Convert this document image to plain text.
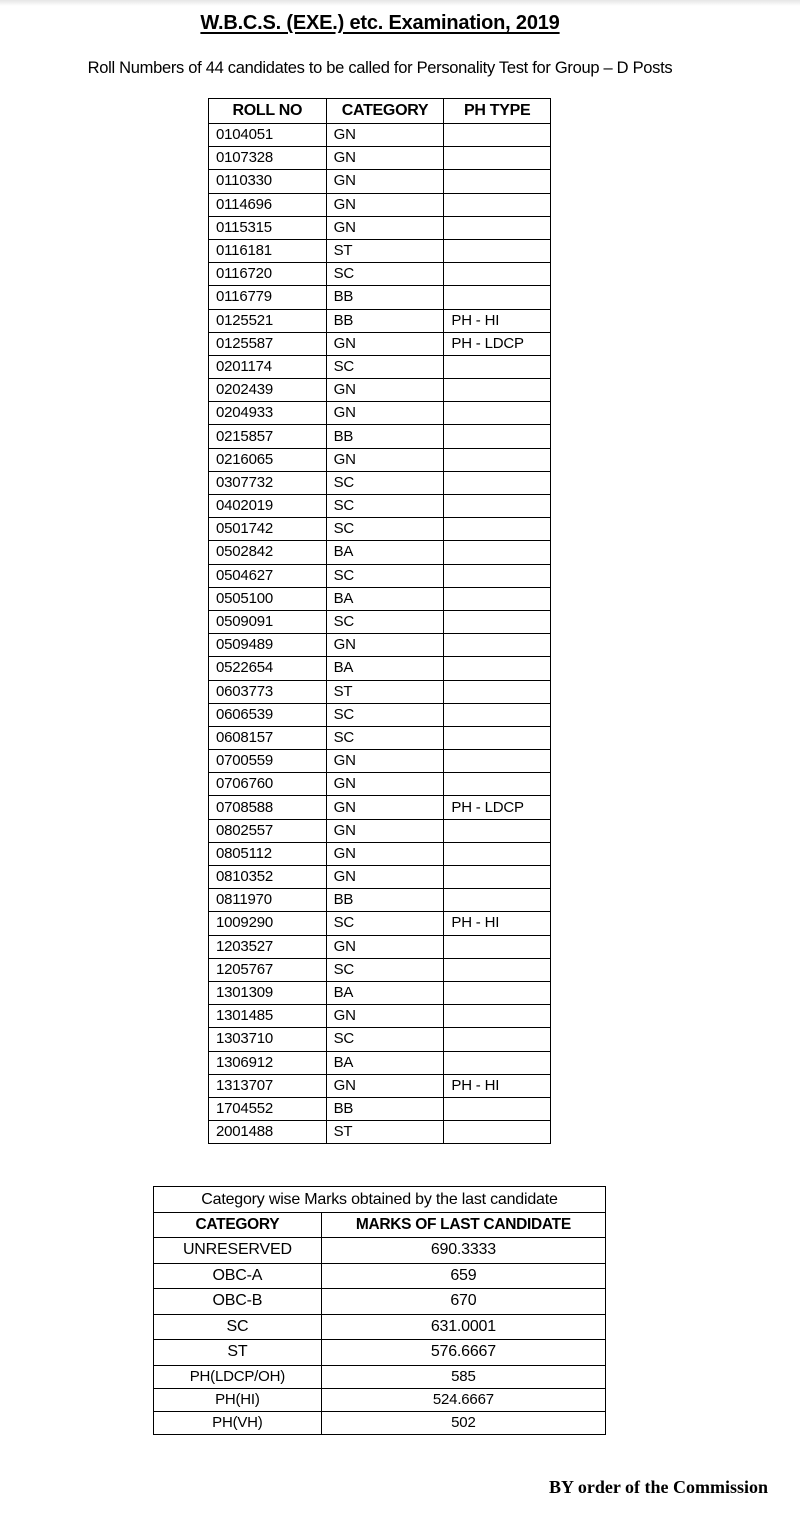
W.B.C.S. (EXE.) etc. Examination, 2019
Roll Numbers of 44 candidates to be called for Personality Test for Group – D Posts
ROLL NO	CATEGORY	PH TYPE
0104051	GN	
0107328	GN	
0110330	GN	
0114696	GN	
0115315	GN	
0116181	ST	
0116720	SC	
0116779	BB	
0125521	BB	PH - HI
0125587	GN	PH - LDCP
0201174	SC	
0202439	GN	
0204933	GN	
0215857	BB	
0216065	GN	
0307732	SC	
0402019	SC	
0501742	SC	
0502842	BA	
0504627	SC	
0505100	BA	
0509091	SC	
0509489	GN	
0522654	BA	
0603773	ST	
0606539	SC	
0608157	SC	
0700559	GN	
0706760	GN	
0708588	GN	PH - LDCP
0802557	GN	
0805112	GN	
0810352	GN	
0811970	BB	
1009290	SC	PH - HI
1203527	GN	
1205767	SC	
1301309	BA	
1301485	GN	
1303710	SC	
1306912	BA	
1313707	GN	PH - HI
1704552	BB	
2001488	ST	
Category wise Marks obtained by the last candidate	
CATEGORY	MARKS OF LAST CANDIDATE
UNRESERVED	690.3333
OBC-A	659
OBC-B	670
SC	631.0001
ST	576.6667
PH(LDCP/OH)	585
PH(HI)	524.6667
PH(VH)	502
BY order of the Commission
